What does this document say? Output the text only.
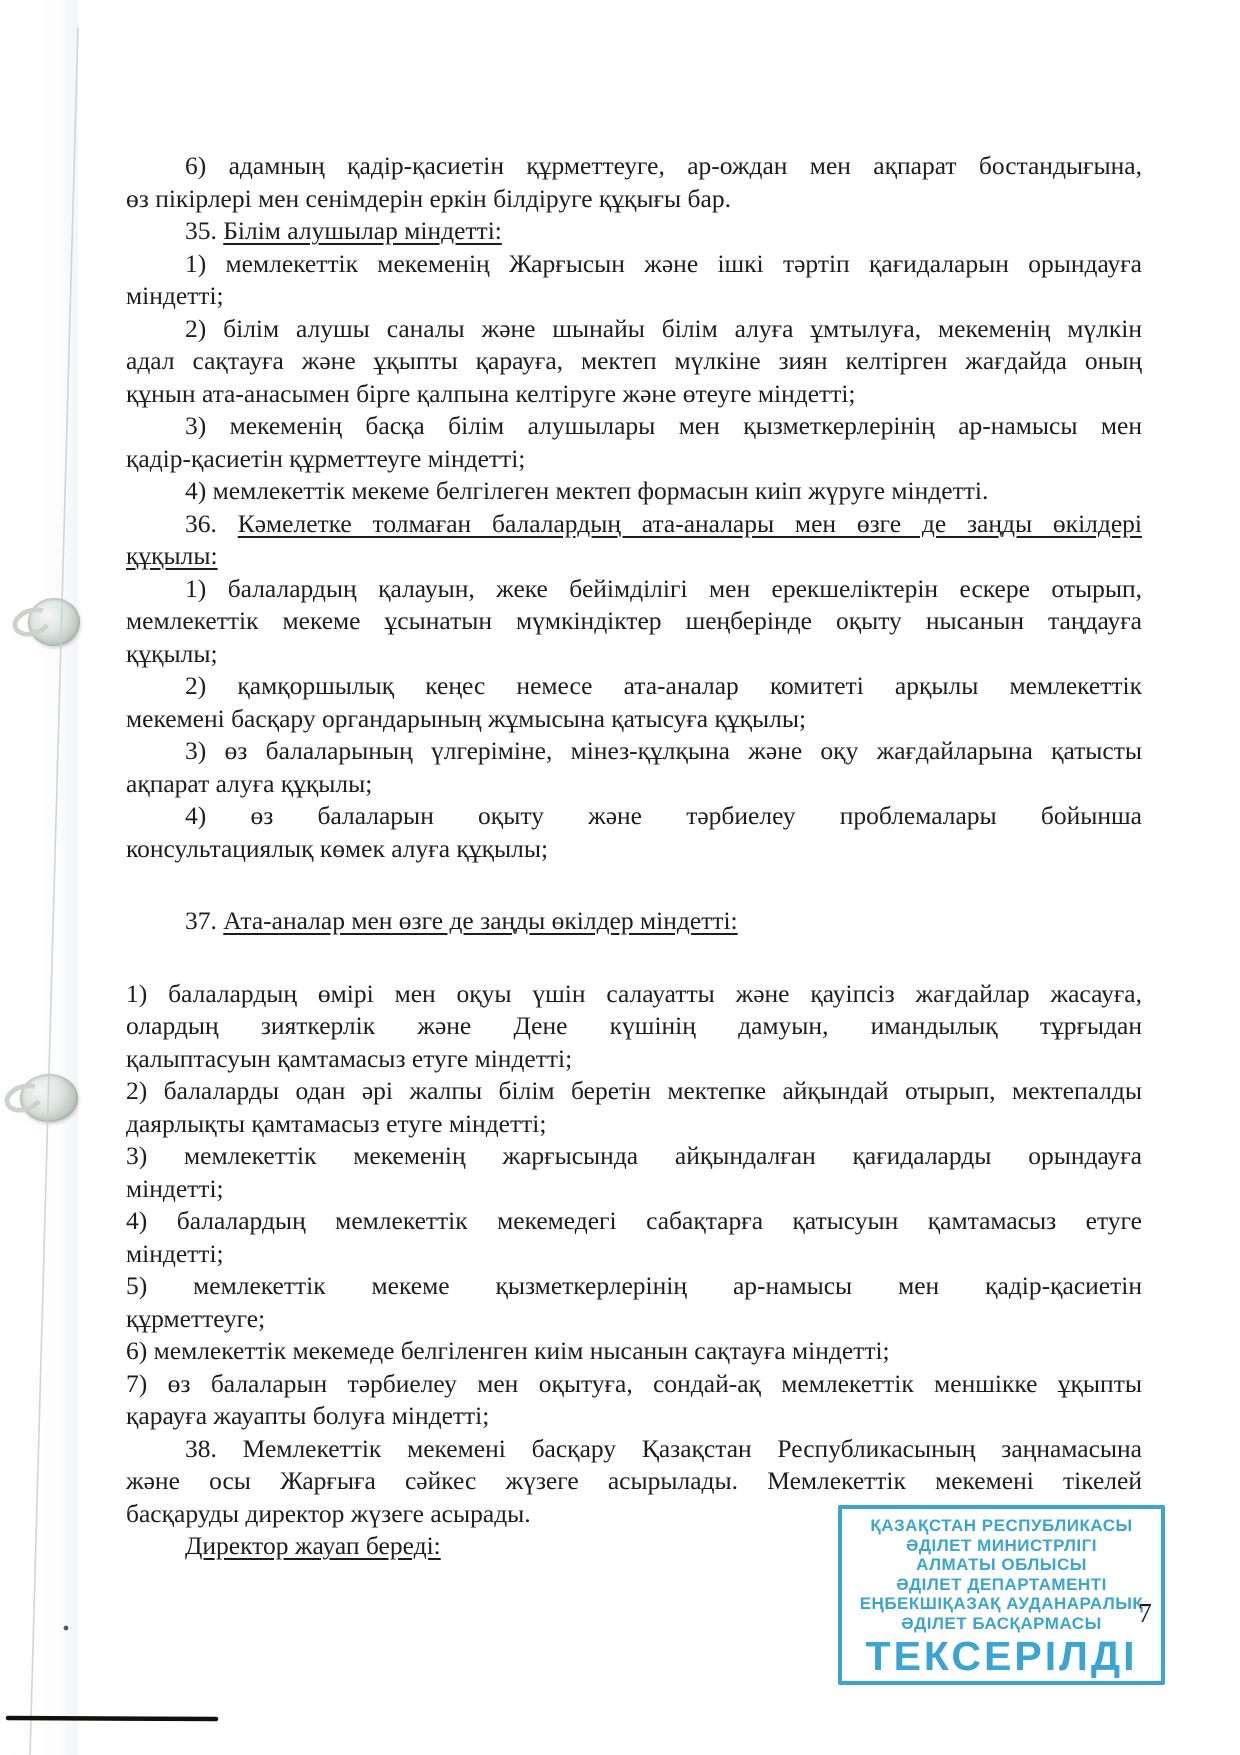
6) адамның қадір-қасиетін құрметтеуге, ар-ождан мен ақпарат бостандығына,
өз пікірлері мен сенімдерін еркін білдіруге құқығы бар.
35. Білім алушылар міндетті:
1) мемлекеттік мекеменің Жарғысын және ішкі тәртіп қағидаларын орындауға
міндетті;
2) білім алушы саналы және шынайы білім алуға ұмтылуға, мекеменің мүлкін
адал сақтауға және ұқыпты қарауға, мектеп мүлкіне зиян келтірген жағдайда оның
құнын ата-анасымен бірге қалпына келтіруге және өтеуге міндетті;
3) мекеменің басқа білім алушылары мен қызметкерлерінің ар-намысы мен
қадір-қасиетін құрметтеуге міндетті;
4) мемлекеттік мекеме белгілеген мектеп формасын киіп жүруге міндетті.
36. Кәмелетке толмаған балалардың ата-аналары мен өзге де заңды өкілдері
құқылы:
1) балалардың қалауын, жеке бейімділігі мен ерекшеліктерін ескере отырып,
мемлекеттік мекеме ұсынатын мүмкіндіктер шеңберінде оқыту нысанын таңдауға
құқылы;
2) қамқоршылық кеңес немесе ата-аналар комитеті арқылы мемлекеттік
мекемені басқару органдарының жұмысына қатысуға құқылы;
3) өз балаларының үлгеріміне, мінез-құлқына және оқу жағдайларына қатысты
ақпарат алуға құқылы;
4) өз балаларын оқыту және тәрбиелеу проблемалары бойынша
консультациялық көмек алуға құқылы;
37. Ата-аналар мен өзге де заңды өкілдер міндетті:
1) балалардың өмірі мен оқуы үшін салауатты және қауіпсіз жағдайлар жасауға,
олардың зияткерлік және Дене күшінің дамуын, имандылық тұрғыдан
қалыптасуын қамтамасыз етуге міндетті;
2) балаларды одан әрі жалпы білім беретін мектепке айқындай отырып, мектепалды
даярлықты қамтамасыз етуге міндетті;
3) мемлекеттік мекеменің жарғысында айқындалған қағидаларды орындауға
міндетті;
4) балалардың мемлекеттік мекемедегі сабақтарға қатысуын қамтамасыз етуге
міндетті;
5) мемлекеттік мекеме қызметкерлерінің ар-намысы мен қадір-қасиетін
құрметтеуге;
6) мемлекеттік мекемеде белгіленген киім нысанын сақтауға міндетті;
7) өз балаларын тәрбиелеу мен оқытуға, сондай-ақ мемлекеттік меншікке ұқыпты
қарауға жауапты болуға міндетті;
38. Мемлекеттік мекемені басқару Қазақстан Республикасының заңнамасына
және осы Жарғыға сәйкес жүзеге асырылады. Мемлекеттік мекемені тікелей
басқаруды директор жүзеге асырады.
Директор жауап береді:
ҚАЗАҚСТАН РЕСПУБЛИКАСЫ
ӘДІЛЕТ МИНИСТРЛІГІ
АЛМАТЫ ОБЛЫСЫ
ӘДІЛЕТ ДЕПАРТАМЕНТІ
ЕҢБЕКШІҚАЗАҚ АУДАНАРАЛЫҚ
ӘДІЛЕТ БАСҚАРМАСЫ
ТЕКСЕРІЛДІ
7
